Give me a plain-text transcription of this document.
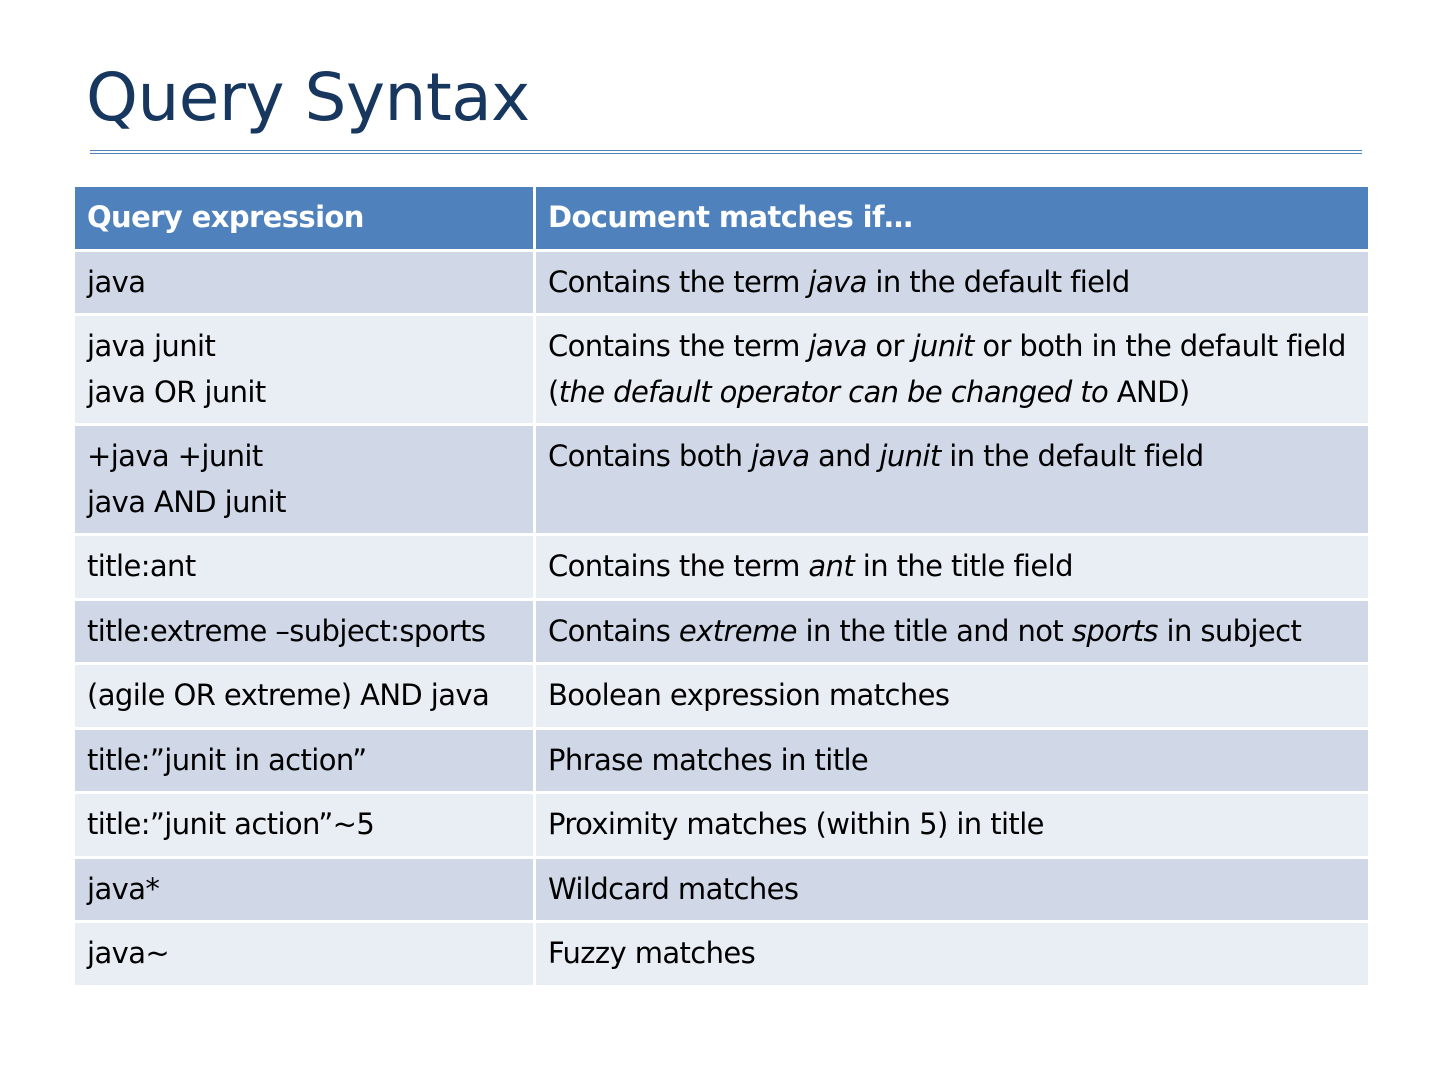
Query Syntax
Query expression	Document matches if…

java	Contains the term java in the default field

java junit
java OR junit	Contains the term java or junit or both in the default field (the default operator can be changed to AND)

+java +junit
java AND junit	Contains both java and junit in the default field

title:ant	Contains the term ant in the title field

title:extreme –subject:sports	Contains extreme in the title and not sports in subject

(agile OR extreme) AND java	Boolean expression matches

title:”junit in action”	Phrase matches in title

title:”junit action”~5	Proximity matches (within 5) in title

java*	Wildcard matches

java~	Fuzzy matches
